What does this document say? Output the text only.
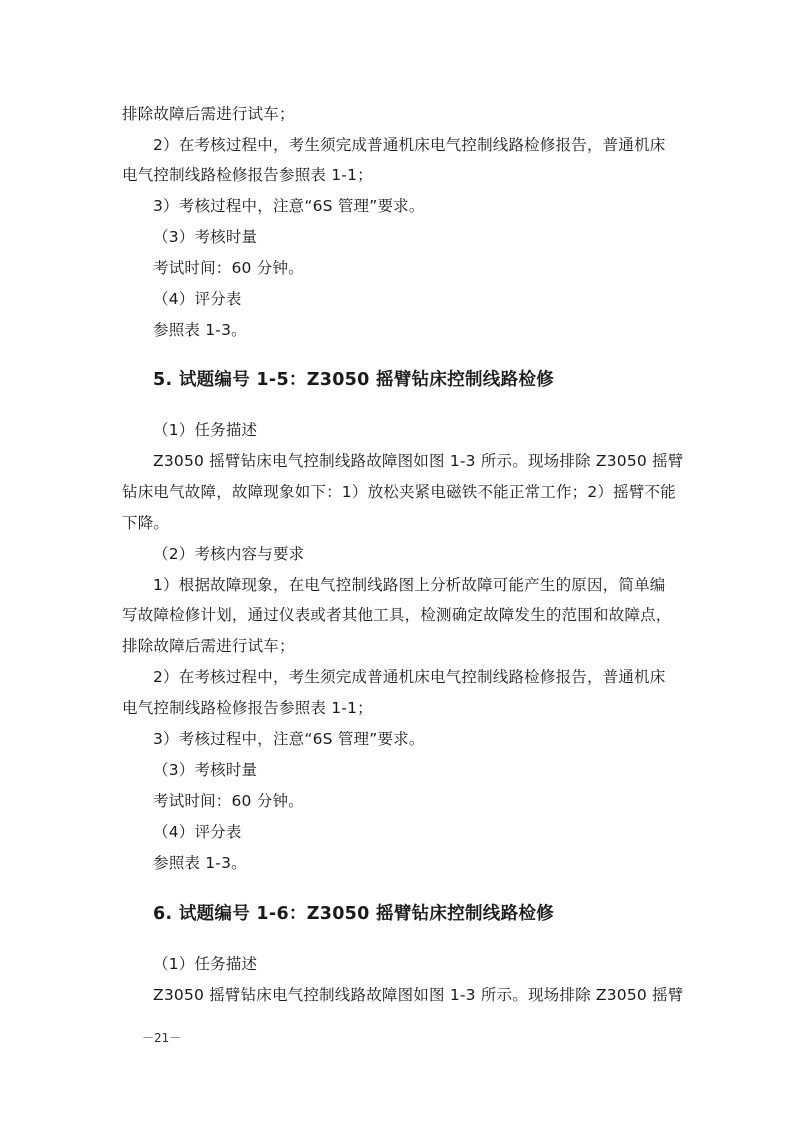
排除故障后需进行试车；
2）在考核过程中，考生须完成普通机床电气控制线路检修报告，普通机床
电气控制线路检修报告参照表 1-1；
3）考核过程中，注意“6S 管理”要求。
（3）考核时量
考试时间：60 分钟。
（4）评分表
参照表 1-3。
5. 试题编号 1-5：Z3050 摇臂钻床控制线路检修
（1）任务描述
Z3050 摇臂钻床电气控制线路故障图如图 1-3 所示。现场排除 Z3050 摇臂
钻床电气故障，故障现象如下：1）放松夹紧电磁铁不能正常工作；2）摇臂不能
下降。
（2）考核内容与要求
1）根据故障现象，在电气控制线路图上分析故障可能产生的原因，简单编
写故障检修计划，通过仪表或者其他工具，检测确定故障发生的范围和故障点，
排除故障后需进行试车；
2）在考核过程中，考生须完成普通机床电气控制线路检修报告，普通机床
电气控制线路检修报告参照表 1-1；
3）考核过程中，注意“6S 管理”要求。
（3）考核时量
考试时间：60 分钟。
（4）评分表
参照表 1-3。
6. 试题编号 1-6：Z3050 摇臂钻床控制线路检修
（1）任务描述
Z3050 摇臂钻床电气控制线路故障图如图 1-3 所示。现场排除 Z3050 摇臂
－21－
